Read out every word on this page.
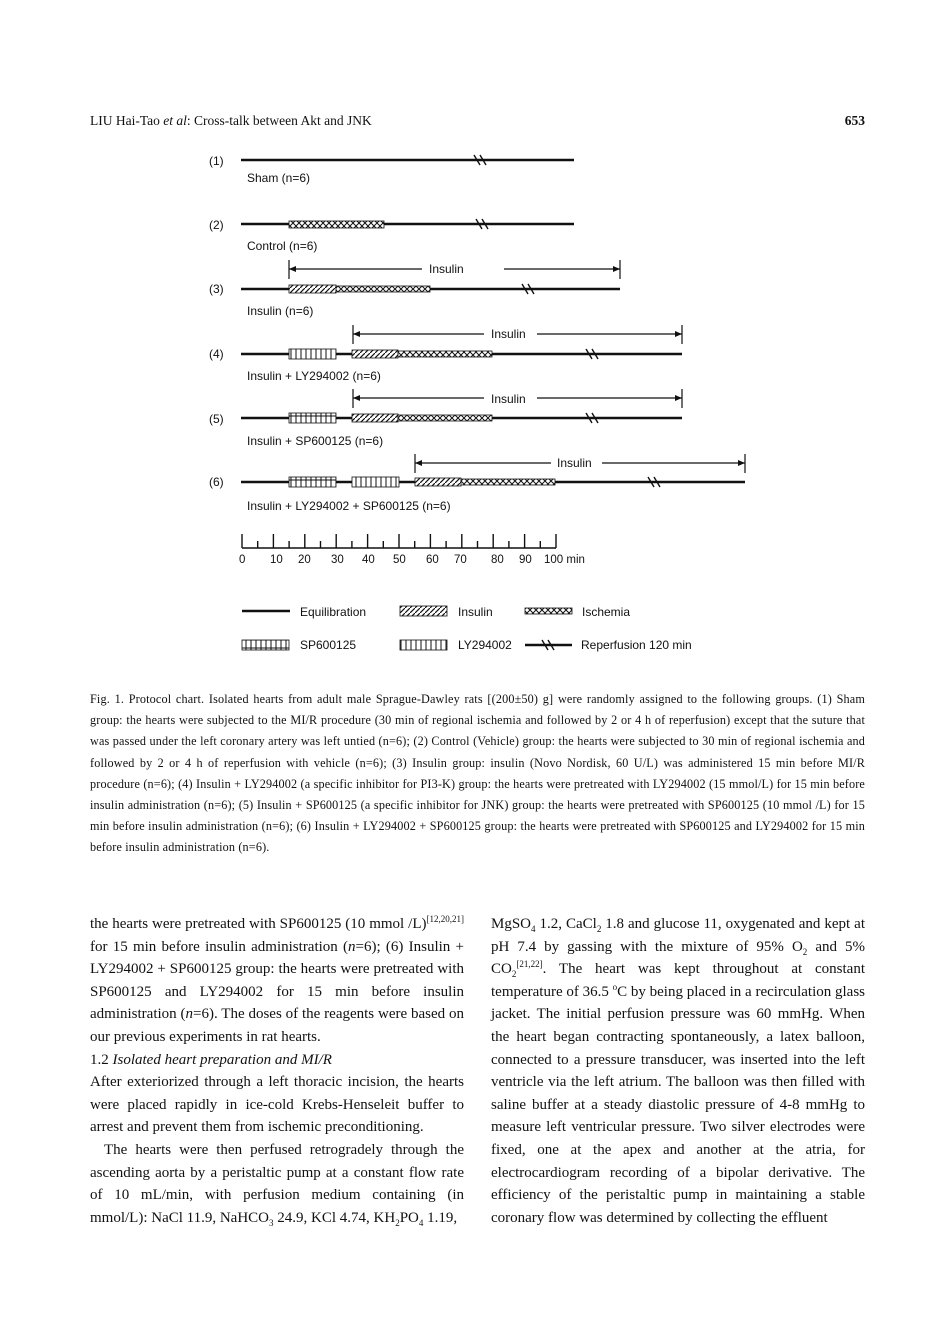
LIU Hai-Tao et al: Cross-talk between Akt and JNK	653
(1)
Sham (n=6)
(2)
Control (n=6)
Insulin
(3)
Insulin (n=6)
Insulin
(4)
Insulin + LY294002 (n=6)
Insulin
(5)
Insulin + SP600125 (n=6)
Insulin
(6)
Insulin + LY294002 + SP600125 (n=6)
0 10 20 30 40 50 60 70 80 90 100 min
Equilibration	Insulin	Ischemia
SP600125	LY294002	Reperfusion 120 min
Fig. 1. Protocol chart. Isolated hearts from adult male Sprague-Dawley rats [(200±50) g] were randomly assigned to the following groups. (1) Sham group: the hearts were subjected to the MI/R procedure (30 min of regional ischemia and followed by 2 or 4 h of reperfusion) except that the suture that was passed under the left coronary artery was left untied (n=6); (2) Control (Vehicle) group: the hearts were subjected to 30 min of regional ischemia and followed by 2 or 4 h of reperfusion with vehicle (n=6); (3) Insulin group: insulin (Novo Nordisk, 60 U/L) was administered 15 min before MI/R procedure (n=6); (4) Insulin + LY294002 (a specific inhibitor for PI3-K) group: the hearts were pretreated with LY294002 (15 mmol/L) for 15 min before insulin administration (n=6); (5) Insulin + SP600125 (a specific inhibitor for JNK) group: the hearts were pretreated with SP600125 (10 mmol /L) for 15 min before insulin administration (n=6); (6) Insulin + LY294002 + SP600125 group: the hearts were pretreated with SP600125 and LY294002 for 15 min before insulin administration (n=6).

the hearts were pretreated with SP600125 (10 mmol /L)[12,20,21] for 15 min before insulin administration (n=6); (6) Insulin + LY294002 + SP600125 group: the hearts were pretreated with SP600125 and LY294002 for 15 min before insulin administration (n=6). The doses of the reagents were based on our previous experiments in rat hearts.

1.2 Isolated heart preparation and MI/R

After exteriorized through a left thoracic incision, the hearts were placed rapidly in ice-cold Krebs-Henseleit buffer to arrest and prevent them from ischemic preconditioning.

The hearts were then perfused retrogradely through the ascending aorta by a peristaltic pump at a constant flow rate of 10 mL/min, with perfusion medium containing (in mmol/L): NaCl 11.9, NaHCO$_3$ 24.9, KCl 4.74, $KH_2PO_4$ 1.19,

MgSO$_4$ 1.2, CaCl$_2$ 1.8 and glucose 11, oxygenated and kept at pH 7.4 by gassing with the mixture of 95% $O_2$ and 5% $CO_2[21,22]$. The heart was kept throughout at constant temperature of 36.5 $^o$C by being placed in a recirculation glass jacket. The initial perfusion pressure was 60 mmHg. When the heart began contracting spontaneously, a latex balloon, connected to a pressure transducer, was inserted into the left ventricle via the left atrium. The balloon was then filled with saline buffer at a steady diastolic pressure of 4-8 mmHg to measure left ventricular pressure. Two silver electrodes were fixed, one at the apex and another at the atria, for electrocardiogram recording of a bipolar derivative. The efficiency of the peristaltic pump in maintaining a stable coronary flow was determined by collecting the effluent
